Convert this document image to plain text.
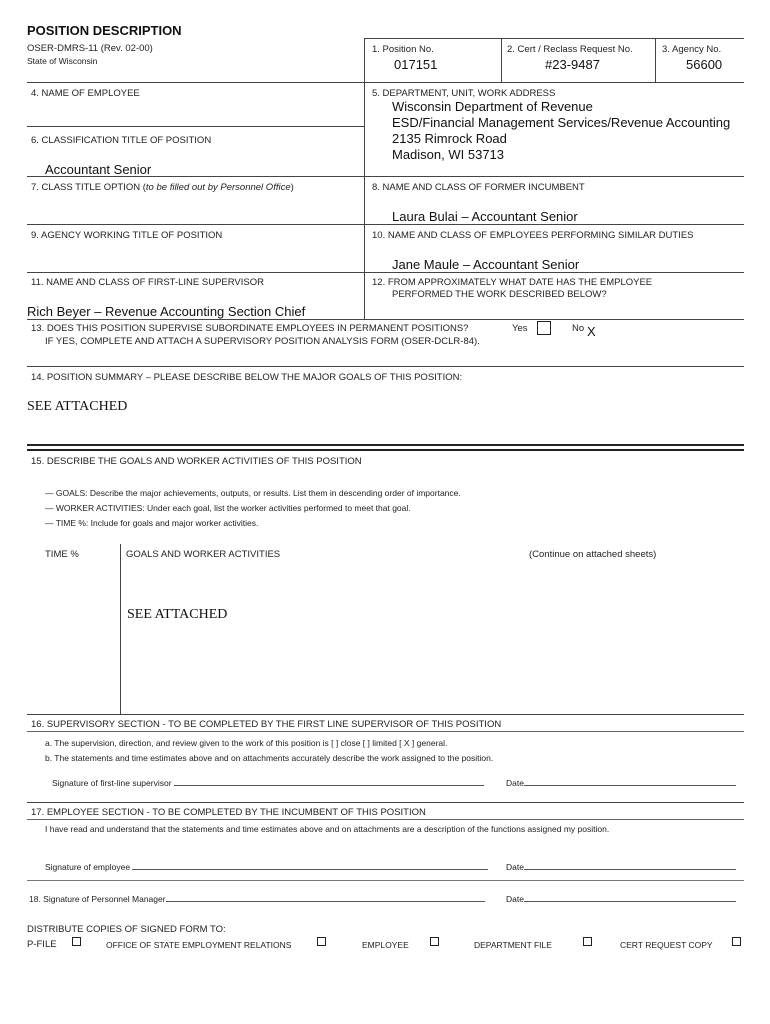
POSITION DESCRIPTION
OSER-DMRS-11 (Rev. 02-00)
State of Wisconsin
1. Position No.
017151
2. Cert / Reclass Request No.
#23-9487
3. Agency No.
56600
4. NAME OF EMPLOYEE	5. DEPARTMENT, UNIT, WORK ADDRESS
Wisconsin Department of Revenue
ESD/Financial Management Services/Revenue Accounting
2135 Rimrock Road
Madison, WI 53713
6. CLASSIFICATION TITLE OF POSITION
Accountant Senior
7. CLASS TITLE OPTION (to be filled out by Personnel Office)	8. NAME AND CLASS OF FORMER INCUMBENT
Laura Bulai – Accountant Senior
9. AGENCY WORKING TITLE OF POSITION	10. NAME AND CLASS OF EMPLOYEES PERFORMING SIMILAR DUTIES
Jane Maule – Accountant Senior
11. NAME AND CLASS OF FIRST-LINE SUPERVISOR
Rich Beyer – Revenue Accounting Section Chief
12. FROM APPROXIMATELY WHAT DATE HAS THE EMPLOYEE
PERFORMED THE WORK DESCRIBED BELOW?
13. DOES THIS POSITION SUPERVISE SUBORDINATE EMPLOYEES IN PERMANENT POSITIONS?
IF YES, COMPLETE AND ATTACH A SUPERVISORY POSITION ANALYSIS FORM (OSER-DCLR-84).
Yes	No X
14. POSITION SUMMARY – PLEASE DESCRIBE BELOW THE MAJOR GOALS OF THIS POSITION:
SEE ATTACHED
15. DESCRIBE THE GOALS AND WORKER ACTIVITIES OF THIS POSITION
— GOALS: Describe the major achievements, outputs, or results. List them in descending order of importance.
— WORKER ACTIVITIES: Under each goal, list the worker activities performed to meet that goal.
— TIME %: Include for goals and major worker activities.
TIME %	GOALS AND WORKER ACTIVITIES	(Continue on attached sheets)
SEE ATTACHED
16. SUPERVISORY SECTION - TO BE COMPLETED BY THE FIRST LINE SUPERVISOR OF THIS POSITION
a. The supervision, direction, and review given to the work of this position is [ ] close [ ] limited [ X ] general.
b. The statements and time estimates above and on attachments accurately describe the work assigned to the position.
Signature of first-line supervisor	Date
17. EMPLOYEE SECTION - TO BE COMPLETED BY THE INCUMBENT OF THIS POSITION
I have read and understand that the statements and time estimates above and on attachments are a description of the functions assigned my position.
Signature of employee	Date
18. Signature of Personnel Manager	Date
DISTRIBUTE COPIES OF SIGNED FORM TO:
P-FILE	OFFICE OF STATE EMPLOYMENT RELATIONS	EMPLOYEE	DEPARTMENT FILE	CERT REQUEST COPY
